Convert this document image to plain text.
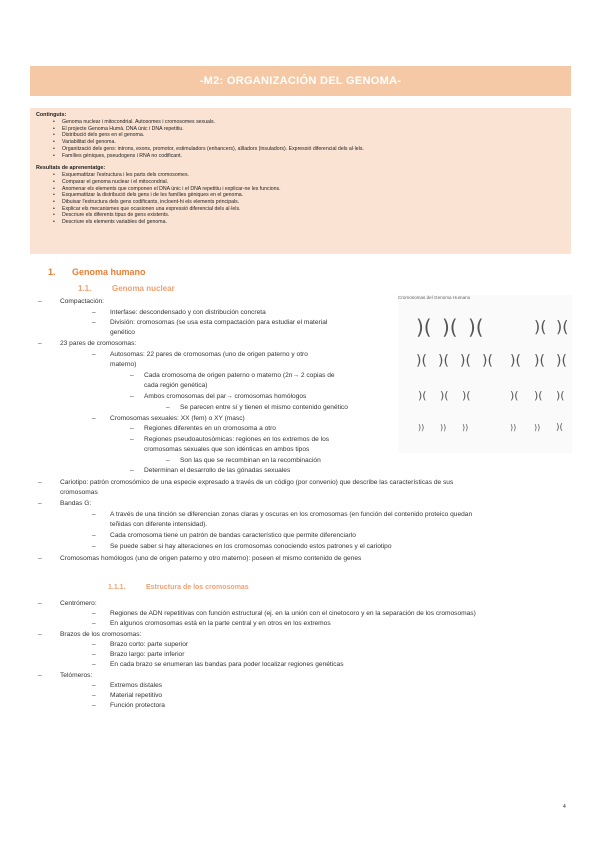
-M2: ORGANIZACIÓN DEL GENOMA-

Continguts:

• Genoma nuclear i mitocondrial. Autosomes i cromosomes sexuals.
• El projecte Genoma Humà. DNA únic i DNA repetitiu.
• Distribució dels gens en el genoma.
• Variabilitat del genoma.
• Organització dels gens: introns, exons, promotor, estimuladors (enhancers), aïlladors (insuladors). Expressió diferencial dels al·lels.
• Famílies gèniques, pseudogens i RNA no codificant.

Resultats de aprenentatge:

• Esquematitzar l'estructura i les parts dels cromosomes.
• Comparar el genoma nuclear i el mitocondrial.
• Anomenar els elements que componen el DNA únic i el DNA repetitiu i explicar-ne les funcions.
• Esquematitzar la distribució dels gens i de les famílies gèniques en el genoma.
• Dibuixar l'estructura dels gens codificants, incloent-hi els elements principals.
• Explicar els mecanismes que ocasionen una expressió diferencial dels al·lels.
• Descriure els diferents tipus de gens existents.
• Descriure els elements variables del genoma.
1. Genoma humano
1.1.	Genoma nuclear
Cromosomas del Genoma Humano
)( )( )(	)( )(
)( )( )( )( )( )( )(
)( )( )(	)( )( )(
)) )) ))	)) )) )(
–	Compactación:
– Interfase: descondensado y con distribución concreta
– División: cromosomas (se usa esta compactación para estudiar el material
genético
–	23 pares de cromosomas:
– Autosomas: 22 pares de cromosomas (uno de origen paterno y otro
materno)
– Cada cromosoma de origen paterno o materno (2n→ 2 copias de
cada región genética)
– Ambos cromosomas del par→ cromosomas homólogos
– Se parecen entre sí y tienen el mismo contenido genético
– Cromosomas sexuales: XX (fem) o XY (masc)
– Regiones diferentes en un cromosoma a otro
– Regiones pseudoautosómicas: regiones en los extremos de los
cromosomas sexuales que son idénticas en ambos tipos
– Son las que se recombinan en la recombinación
– Determinan el desarrollo de las gónadas sexuales
–	Cariotipo: patrón cromosómico de una especie expresado a través de un código (por convenio) que describe las características de sus
cromosomas
–	Bandas G:
– A través de una tinción se diferencian zonas claras y oscuras en los cromosomas (en función del contenido proteico quedan
teñidas con diferente intensidad).
– Cada cromosoma tiene un patrón de bandas característico que permite diferenciarlo
– Se puede saber si hay alteraciones en los cromosomas conociendo estos patrones y el cariotipo
–	Cromosomas homólogos (uno de origen paterno y otro materno): poseen el mismo contenido de genes
1.1.1.	Estructura de los cromosomas
–	Centrómero:
– Regiones de ADN repetitivas con función estructural (ej. en la unión con el cinetocoro y en la separación de los cromosomas)
– En algunos cromosomas está en la parte central y en otros en los extremos
–	Brazos de los cromosomas:
– Brazo corto: parte superior
– Brazo largo: parte inferior
– En cada brazo se enumeran las bandas para poder localizar regiones genéticas
–	Telómeros:
– Extremos distales
– Material repetitivo
– Función protectora
4
